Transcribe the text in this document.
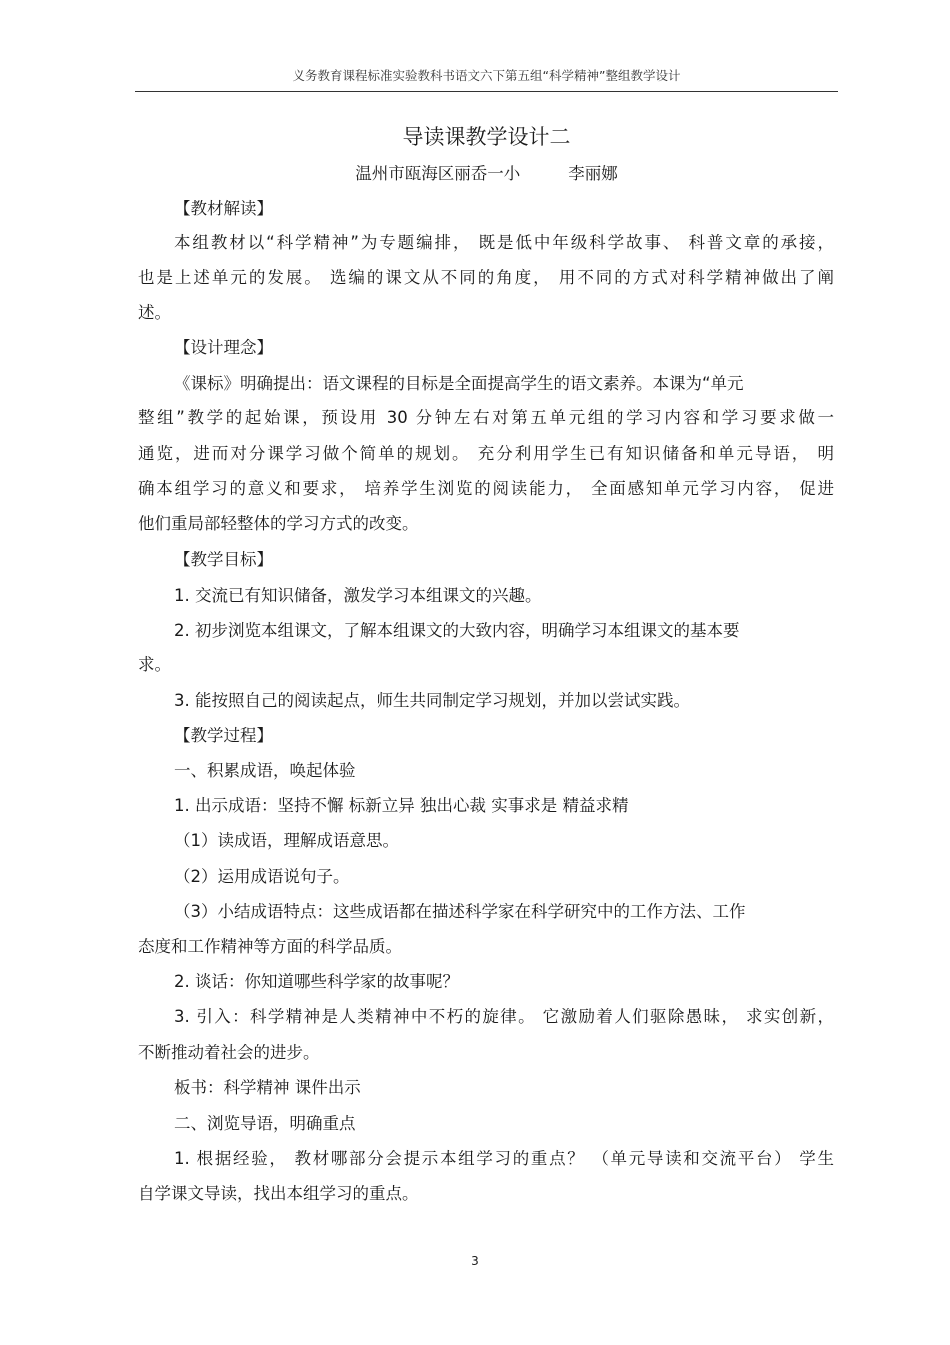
义务教育课程标准实验教科书语文六下第五组“科学精神”整组教学设计
导读课教学设计二
温州市瓯海区丽岙一小	李丽娜
【教材解读】
本组教材以“科学精神”为专题编排， 既是低中年级科学故事、 科普文章的承接，
也是上述单元的发展。 选编的课文从不同的角度， 用不同的方式对科学精神做出了阐
述。
【设计理念】
《课标》明确提出：语文课程的目标是全面提高学生的语文素养。本课为“单元
整组”教学的起始课，预设用 30 分钟左右对第五单元组的学习内容和学习要求做一
通览，进而对分课学习做个简单的规划。 充分利用学生已有知识储备和单元导语， 明
确本组学习的意义和要求， 培养学生浏览的阅读能力， 全面感知单元学习内容， 促进
他们重局部轻整体的学习方式的改变。
【教学目标】
1. 交流已有知识储备，激发学习本组课文的兴趣。
2. 初步浏览本组课文，了解本组课文的大致内容，明确学习本组课文的基本要
求。
3. 能按照自己的阅读起点，师生共同制定学习规划，并加以尝试实践。
【教学过程】
一、积累成语，唤起体验
1. 出示成语：坚持不懈 标新立异 独出心裁 实事求是 精益求精
（1）读成语，理解成语意思。
（2）运用成语说句子。
（3）小结成语特点：这些成语都在描述科学家在科学研究中的工作方法、工作
态度和工作精神等方面的科学品质。
2. 谈话：你知道哪些科学家的故事呢？
3. 引入：科学精神是人类精神中不朽的旋律。 它激励着人们驱除愚昧， 求实创新，
不断推动着社会的进步。
板书：科学精神 课件出示
二、浏览导语，明确重点
1. 根据经验， 教材哪部分会提示本组学习的重点？ （单元导读和交流平台） 学生
自学课文导读，找出本组学习的重点。
3
